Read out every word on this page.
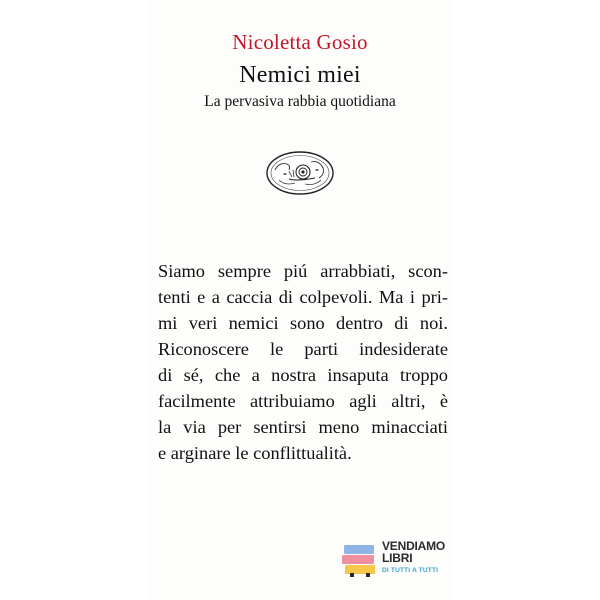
Nicoletta Gosio
Nemici miei
La pervasiva rabbia quotidiana
Siamo sempre piú arrabbiati, scon-
tenti e a caccia di colpevoli. Ma i pri-
mi veri nemici sono dentro di noi.
Riconoscere le parti indesiderate
di sé, che a nostra insaputa troppo
facilmente attribuiamo agli altri, è
la via per sentirsi meno minacciati
e arginare le conflittualità.
VENDIAMO
LIBRI
DI TUTTI A TUTTI
